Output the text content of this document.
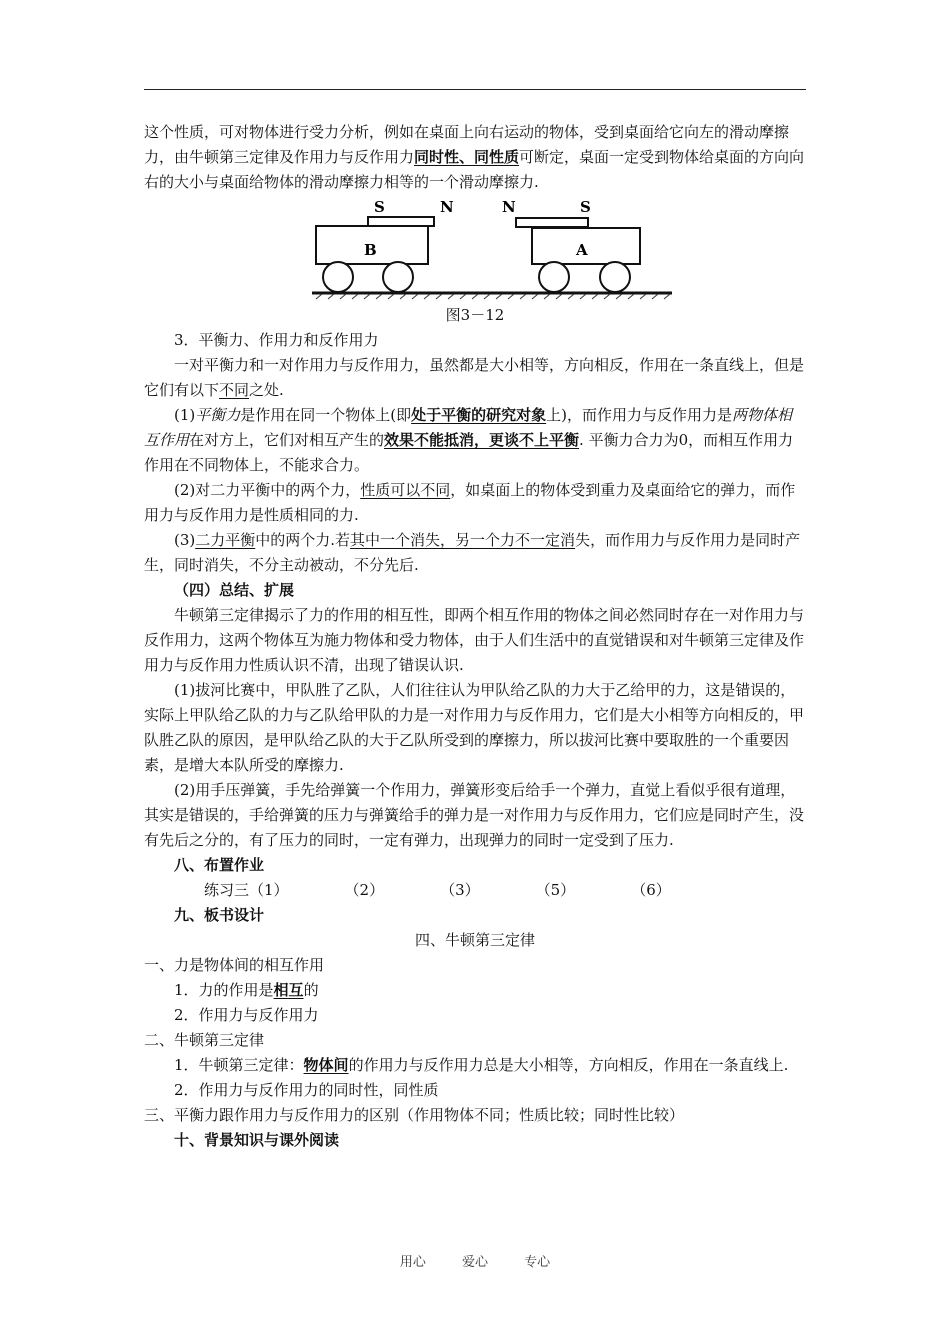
这个性质，可对物体进行受力分析，例如在桌面上向右运动的物体，受到桌面给它向左的滑动摩擦力，由牛顿第三定律及作用力与反作用力同时性、同性质可断定，桌面一定受到物体给桌面的方向向右的大小与桌面给物体的滑动摩擦力相等的一个滑动摩擦力.

B
S	N
A
N	S

图3－12

3．平衡力、作用力和反作用力

一对平衡力和一对作用力与反作用力，虽然都是大小相等，方向相反，作用在一条直线上，但是它们有以下不同之处.

(1)平衡力是作用在同一个物体上(即处于平衡的研究对象上)，而作用力与反作用力是两物体相互作用在对方上，它们对相互产生的效果不能抵消，更谈不上平衡. 平衡力合力为0，而相互作用力作用在不同物体上，不能求合力。

(2)对二力平衡中的两个力，性质可以不同，如桌面上的物体受到重力及桌面给它的弹力，而作用力与反作用力是性质相同的力.

(3)二力平衡中的两个力.若其中一个消失，另一个力不一定消失，而作用力与反作用力是同时产生，同时消失，不分主动被动，不分先后.

（四）总结、扩展

牛顿第三定律揭示了力的作用的相互性，即两个相互作用的物体之间必然同时存在一对作用力与反作用力，这两个物体互为施力物体和受力物体，由于人们生活中的直觉错误和对牛顿第三定律及作用力与反作用力性质认识不清，出现了错误认识.

(1)拔河比赛中，甲队胜了乙队，人们往往认为甲队给乙队的力大于乙给甲的力，这是错误的，实际上甲队给乙队的力与乙队给甲队的力是一对作用力与反作用力，它们是大小相等方向相反的，甲队胜乙队的原因，是甲队给乙队的大于乙队所受到的摩擦力，所以拔河比赛中要取胜的一个重要因素，是增大本队所受的摩擦力.

(2)用手压弹簧，手先给弹簧一个作用力，弹簧形变后给手一个弹力，直觉上看似乎很有道理，其实是错误的，手给弹簧的压力与弹簧给手的弹力是一对作用力与反作用力，它们应是同时产生，没有先后之分的，有了压力的同时，一定有弹力，出现弹力的同时一定受到了压力.

八、布置作业

练习三（1）	（2）	（3）	（5）	（6）

九、板书设计

四、牛顿第三定律

一、力是物体间的相互作用

1．力的作用是相互的

2．作用力与反作用力

二、牛顿第三定律

1．牛顿第三定律：物体间的作用力与反作用力总是大小相等，方向相反，作用在一条直线上.

2．作用力与反作用力的同时性，同性质

三、平衡力跟作用力与反作用力的区别（作用物体不同；性质比较；同时性比较）

十、背景知识与课外阅读

用心	爱心	专心
